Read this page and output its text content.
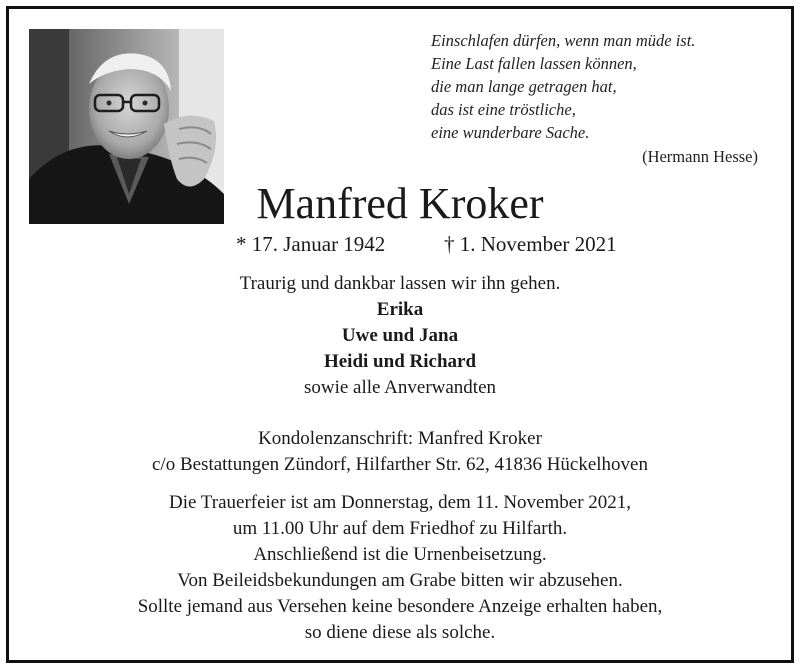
Einschlafen dürfen, wenn man müde ist.
Eine Last fallen lassen können,
die man lange getragen hat,
das ist eine tröstliche,
eine wunderbare Sache.
(Hermann Hesse)
Manfred Kroker
* 17. Januar 1942	† 1. November 2021
Traurig und dankbar lassen wir ihn gehen.
Erika
Uwe und Jana
Heidi und Richard
sowie alle Anverwandten
Kondolenzanschrift: Manfred Kroker
c/o Bestattungen Zündorf, Hilfarther Str. 62, 41836 Hückelhoven
Die Trauerfeier ist am Donnerstag, dem 11. November 2021,
um 11.00 Uhr auf dem Friedhof zu Hilfarth.
Anschließend ist die Urnenbeisetzung.
Von Beileidsbekundungen am Grabe bitten wir abzusehen.
Sollte jemand aus Versehen keine besondere Anzeige erhalten haben,
so diene diese als solche.
